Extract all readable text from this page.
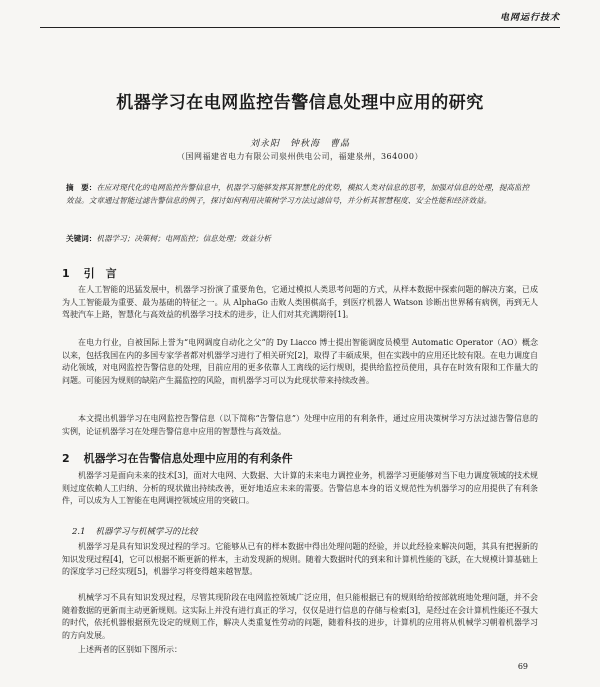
电网运行技术
机器学习在电网监控告警信息处理中应用的研究
刘永阳　钟秋海　曹晶
（国网福建省电力有限公司泉州供电公司，福建泉州，364000）
摘　要：在应对现代化的电网监控告警信息中，机器学习能够发挥其智慧化的优势，模拟人类对信息的思考，加强对信息的处理，提高监控效益。文章通过智能过滤告警信息的例子，探讨如何利用决策树学习方法过滤信号，并分析其智慧程度、安全性能和经济效益。
关键词：机器学习；决策树；电网监控；信息处理；效益分析
1 引　言
在人工智能的迅猛发展中，机器学习扮演了重要角色，它通过模拟人类思考问题的方式，从样本数据中探索问题的解决方案，已成为人工智能最为重要、最为基础的特征之一。从 AlphaGo 击败人类围棋高手，到医疗机器人 Watson 诊断出世界稀有病例，再到无人驾驶汽车上路，智慧化与高效益的机器学习技术的进步，让人们对其充满期待[1]。
在电力行业，自被国际上誉为“电网调度自动化之父”的 Dy Liacco 博士提出智能调度员模型 Automatic Operator（AO）概念以来，包括我国在内的多国专家学者都对机器学习进行了相关研究[2]，取得了丰硕成果，但在实践中的应用还比较有限。在电力调度自动化领域，对电网监控告警信息的处理，目前应用的更多依靠人工离线的运行规则，提供给监控员使用，具存在时效有限和工作量大的问题。可能因为规则的缺陷产生漏监控的风险，而机器学习可以为此现状带来持续改善。
本文提出机器学习在电网监控告警信息（以下简称“告警信息”）处理中应用的有利条件，通过应用决策树学习方法过滤告警信息的实例，论证机器学习在处理告警信息中应用的智慧性与高效益。
2 机器学习在告警信息处理中应用的有利条件
机器学习是面向未来的技术[3]，面对大电网、大数据、大计算的未来电力调控业务，机器学习更能够对当下电力调度领域的技术规则过度依赖人工归纳、分析的现状做出持续改善，更好地适应未来的需要。告警信息本身的语义规范性为机器学习的应用提供了有利条件，可以成为人工智能在电网调控领域应用的突破口。
2.1 机器学习与机械学习的比较
机器学习是具有知识发现过程的学习。它能够从已有的样本数据中得出处理问题的经验，并以此经验来解决问题，其具有把握新的知识发现过程[4]，它可以根据不断更新的样本，主动发现新的规则。随着大数据时代的到来和计算机性能的飞跃，在大规模计算基础上的深度学习已经实现[5]，机器学习将变得越来越智慧。
机械学习不具有知识发现过程，尽管其现阶段在电网监控领域广泛应用，但只能根据已有的规则给给按部就班地处理问题，并不会随着数据的更新而主动更新规则。这实际上并没有进行真正的学习，仅仅是进行信息的存储与检索[3]，是经过在会计算机性能还不强大的时代，依托机器根据预先设定的规则工作，解决人类重复性劳动的问题，随着科技的进步，计算机的应用将从机械学习朝着机器学习的方向发展。
上述两者的区别如下图所示：
69
